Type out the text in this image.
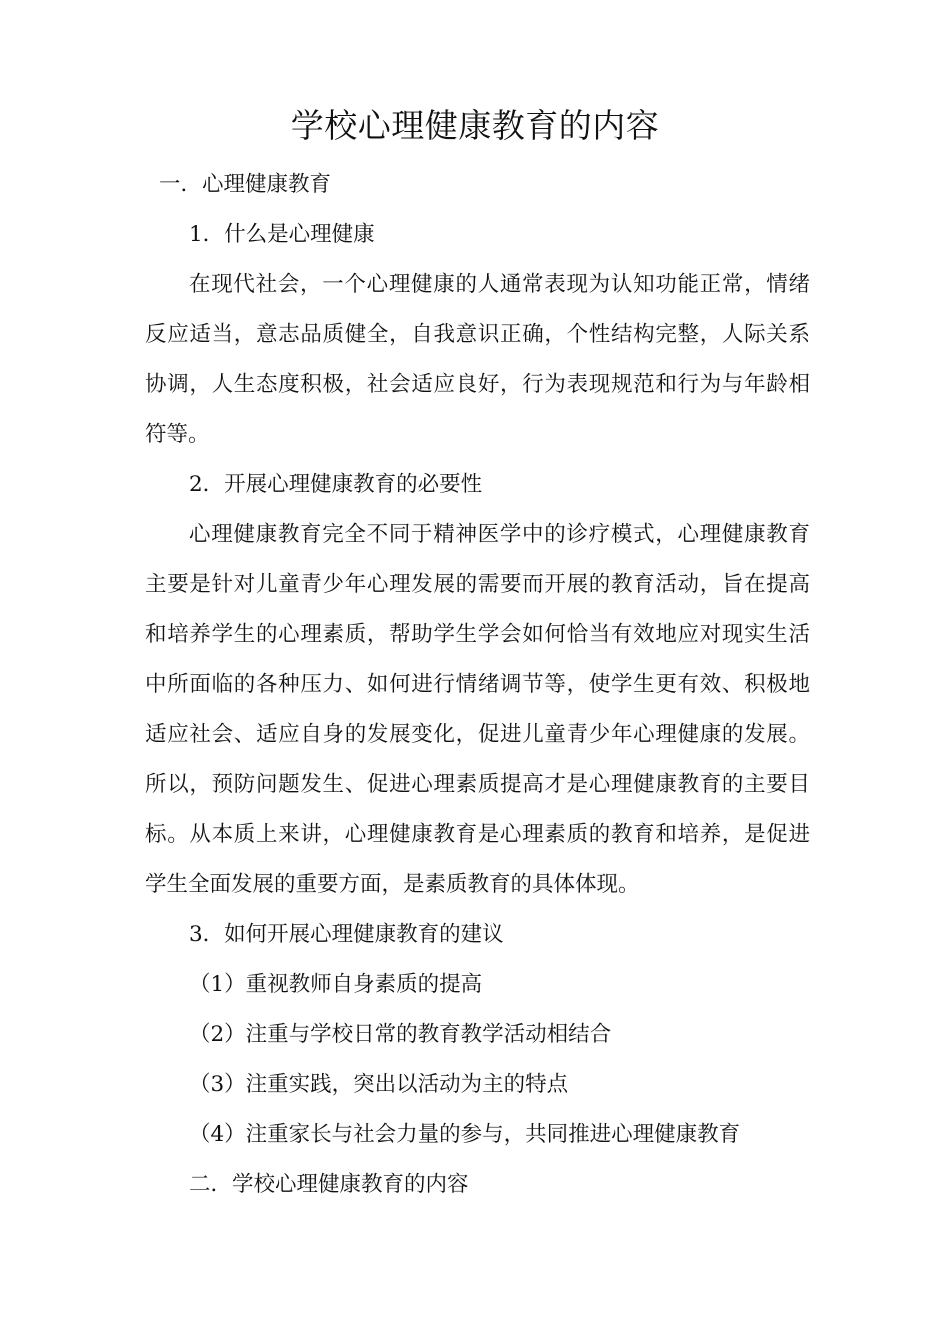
学校心理健康教育的内容
一．心理健康教育
1．什么是心理健康
在现代社会，一个心理健康的人通常表现为认知功能正常，情绪反应适当，意志品质健全，自我意识正确，个性结构完整，人际关系协调，人生态度积极，社会适应良好，行为表现规范和行为与年龄相符等。
2．开展心理健康教育的必要性
心理健康教育完全不同于精神医学中的诊疗模式，心理健康教育主要是针对儿童青少年心理发展的需要而开展的教育活动，旨在提高和培养学生的心理素质，帮助学生学会如何恰当有效地应对现实生活中所面临的各种压力、如何进行情绪调节等，使学生更有效、积极地适应社会、适应自身的发展变化，促进儿童青少年心理健康的发展。所以，预防问题发生、促进心理素质提高才是心理健康教育的主要目标。从本质上来讲，心理健康教育是心理素质的教育和培养，是促进学生全面发展的重要方面，是素质教育的具体体现。
3．如何开展心理健康教育的建议
（1）重视教师自身素质的提高
（2）注重与学校日常的教育教学活动相结合
（3）注重实践，突出以活动为主的特点
（4）注重家长与社会力量的参与，共同推进心理健康教育
二．学校心理健康教育的内容
